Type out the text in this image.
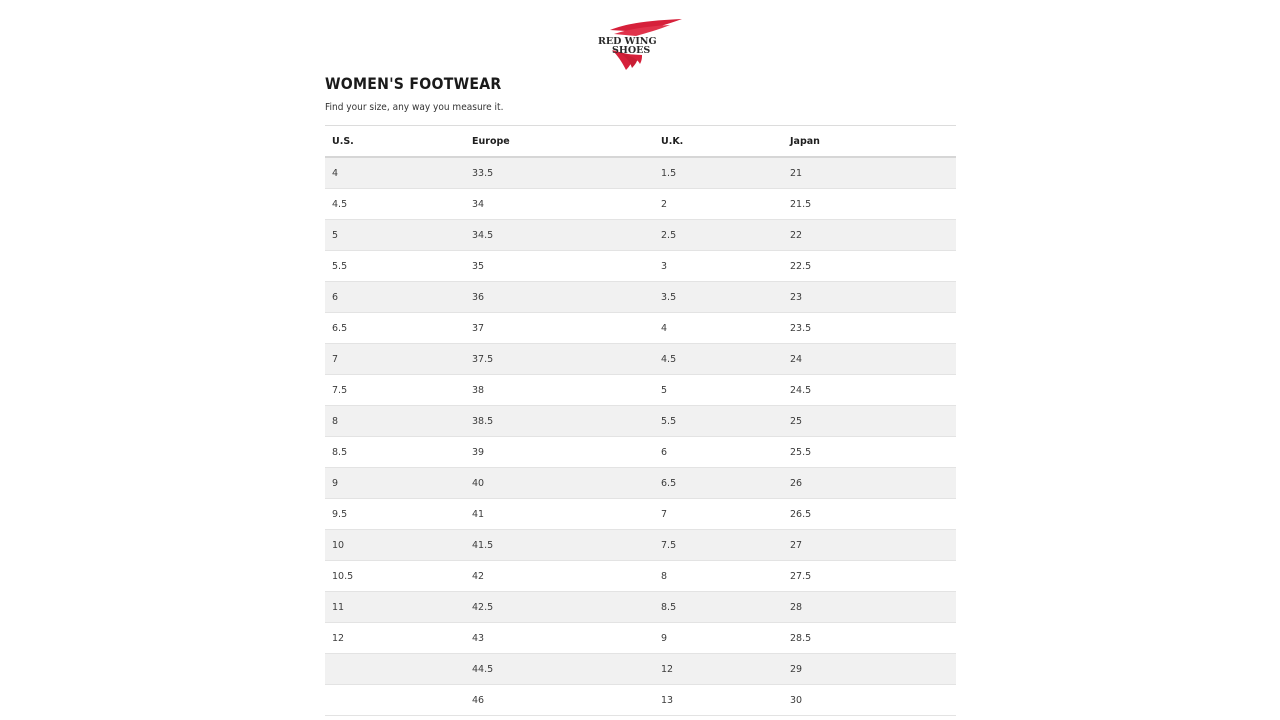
RED WING
SHOES
WOMEN'S FOOTWEAR

Find your size, any way you measure it.

U.S.	Europe	U.K.	Japan
4	33.5	1.5	21
4.5	34	2	21.5
5	34.5	2.5	22
5.5	35	3	22.5
6	36	3.5	23
6.5	37	4	23.5
7	37.5	4.5	24
7.5	38	5	24.5
8	38.5	5.5	25
8.5	39	6	25.5
9	40	6.5	26
9.5	41	7	26.5
10	41.5	7.5	27
10.5	42	8	27.5
11	42.5	8.5	28
12	43	9	28.5
	44.5	12	29
	46	13	30
